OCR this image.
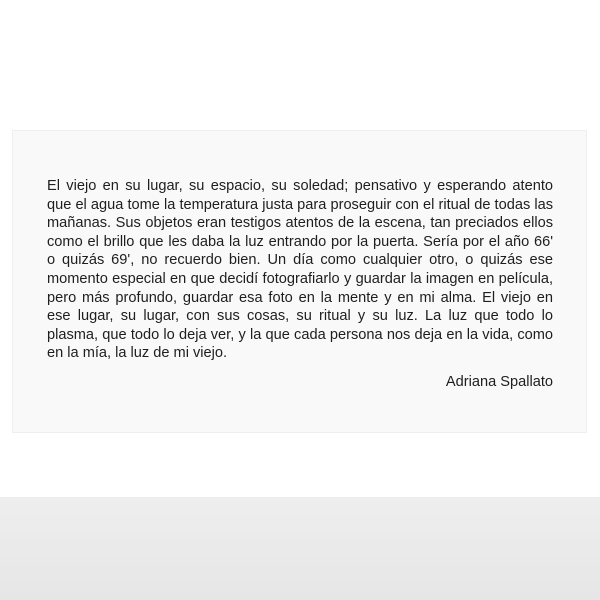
El viejo en su lugar, su espacio, su soledad; pensativo y esperando atento que el agua tome la temperatura justa para proseguir con el ritual de todas las mañanas. Sus objetos eran testigos atentos de la escena, tan preciados ellos como el brillo que les daba la luz entrando por la puerta. Sería por el año 66' o quizás 69', no recuerdo bien. Un día como cualquier otro, o quizás ese momento especial en que decidí fotografiarlo y guardar la imagen en película, pero más profundo, guardar esa foto en la mente y en mi alma. El viejo en ese lugar, su lugar, con sus cosas, su ritual y su luz. La luz que todo lo plasma, que todo lo deja ver, y la que cada persona nos deja en la vida, como en la mía, la luz de mi viejo.

Adriana Spallato
